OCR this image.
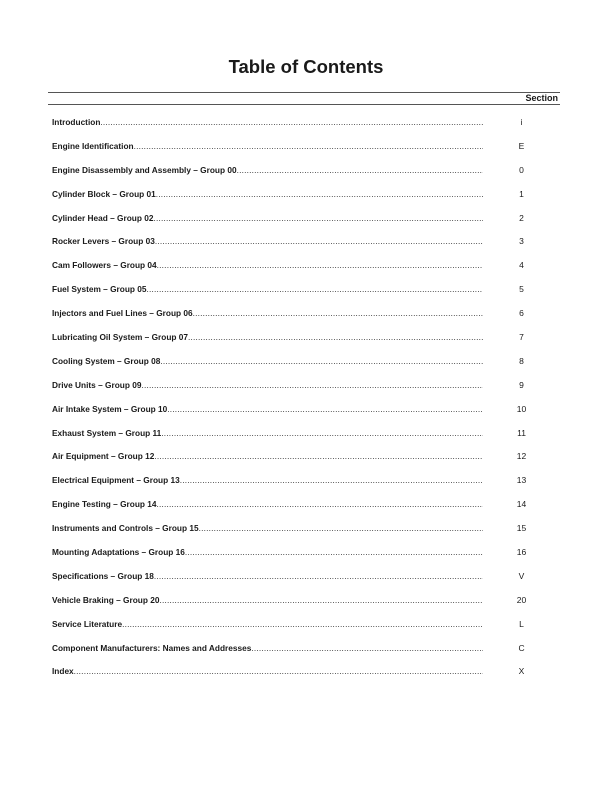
Table of Contents
Section
Introduction .....	i
Engine Identification .....	E
Engine Disassembly and Assembly – Group 00 .....	0
Cylinder Block – Group 01 .....	1
Cylinder Head – Group 02 .....	2
Rocker Levers – Group 03 .....	3
Cam Followers – Group 04 .....	4
Fuel System – Group 05 .....	5
Injectors and Fuel Lines – Group 06 .....	6
Lubricating Oil System – Group 07 .....	7
Cooling System – Group 08 .....	8
Drive Units – Group 09 .....	9
Air Intake System – Group 10 .....	10
Exhaust System – Group 11 .....	11
Air Equipment – Group 12 .....	12
Electrical Equipment – Group 13 .....	13
Engine Testing – Group 14 .....	14
Instruments and Controls – Group 15 .....	15
Mounting Adaptations – Group 16 .....	16
Specifications – Group 18 .....	V
Vehicle Braking – Group 20 .....	20
Service Literature .....	L
Component Manufacturers: Names and Addresses .....	C
Index .....	X
